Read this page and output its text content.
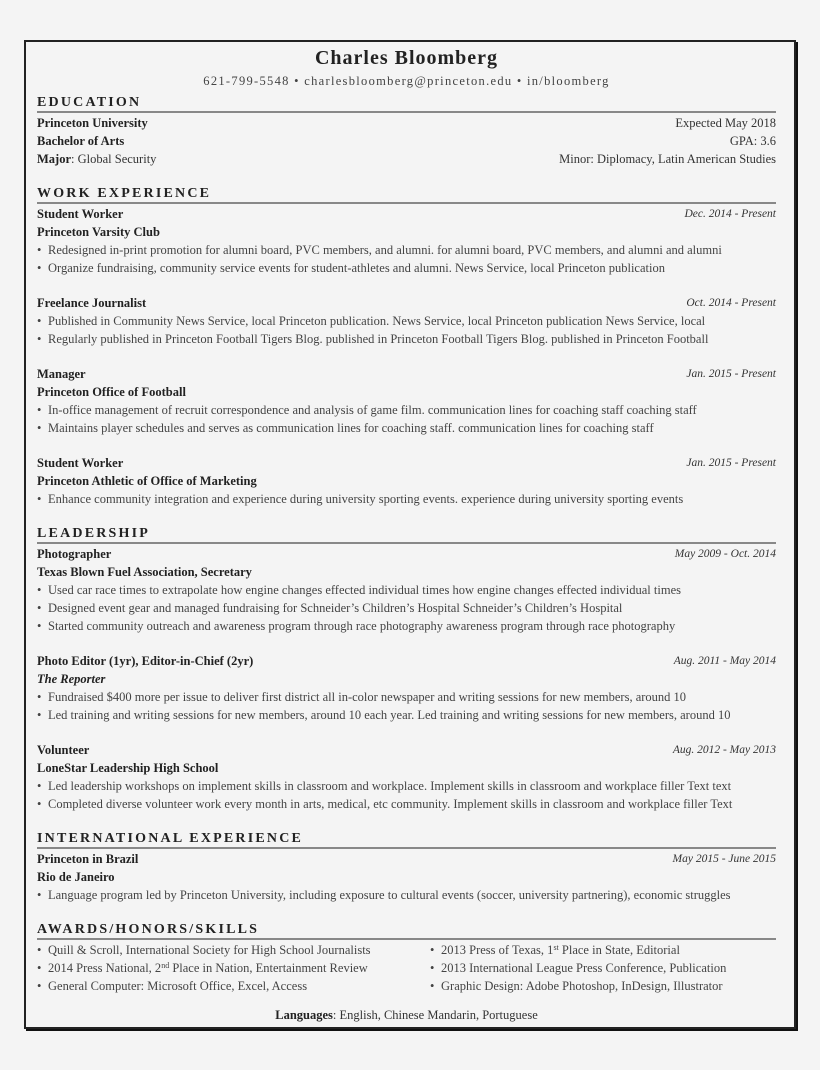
Charles Bloomberg
621-799-5548 • charlesbloomberg@princeton.edu • in/bloomberg
EDUCATION
Princeton University	Expected May 2018
Bachelor of Arts	GPA: 3.6
Major: Global Security	Minor: Diplomacy, Latin American Studies
WORK EXPERIENCE
Student Worker	Dec. 2014 - Present
Princeton Varsity Club
• Redesigned in-print promotion for alumni board, PVC members, and alumni. for alumni board, PVC members, and alumni and alumni
• Organize fundraising, community service events for student-athletes and alumni. News Service, local Princeton publication
Freelance Journalist	Oct. 2014 - Present
• Published in Community News Service, local Princeton publication. News Service, local Princeton publication News Service, local
• Regularly published in Princeton Football Tigers Blog. published in Princeton Football Tigers Blog. published in Princeton Football
Manager	Jan. 2015 - Present
Princeton Office of Football
• In-office management of recruit correspondence and analysis of game film. communication lines for coaching staff coaching staff
• Maintains player schedules and serves as communication lines for coaching staff. communication lines for coaching staff
Student Worker	Jan. 2015 - Present
Princeton Athletic of Office of Marketing
• Enhance community integration and experience during university sporting events. experience during university sporting events
LEADERSHIP
Photographer	May 2009 - Oct. 2014
Texas Blown Fuel Association, Secretary
• Used car race times to extrapolate how engine changes effected individual times how engine changes effected individual times
• Designed event gear and managed fundraising for Schneider’s Children’s Hospital Schneider’s Children’s Hospital
• Started community outreach and awareness program through race photography awareness program through race photography
Photo Editor (1yr), Editor-in-Chief (2yr)	Aug. 2011 - May 2014
The Reporter
• Fundraised $400 more per issue to deliver first district all in-color newspaper and writing sessions for new members, around 10
• Led training and writing sessions for new members, around 10 each year. Led training and writing sessions for new members, around 10
Volunteer	Aug. 2012 - May 2013
LoneStar Leadership High School
• Led leadership workshops on implement skills in classroom and workplace. Implement skills in classroom and workplace filler Text text
• Completed diverse volunteer work every month in arts, medical, etc community. Implement skills in classroom and workplace filler Text
INTERNATIONAL EXPERIENCE
Princeton in Brazil	May 2015 - June 2015
Rio de Janeiro
• Language program led by Princeton University, including exposure to cultural events (soccer, university partnering), economic struggles
AWARDS/HONORS/SKILLS
• Quill & Scroll, International Society for High School Journalists	• 2013 Press of Texas, 1st Place in State, Editorial
• 2014 Press National, 2nd Place in Nation, Entertainment Review	• 2013 International League Press Conference, Publication
• General Computer: Microsoft Office, Excel, Access	• Graphic Design: Adobe Photoshop, InDesign, Illustrator
Languages: English, Chinese Mandarin, Portuguese
